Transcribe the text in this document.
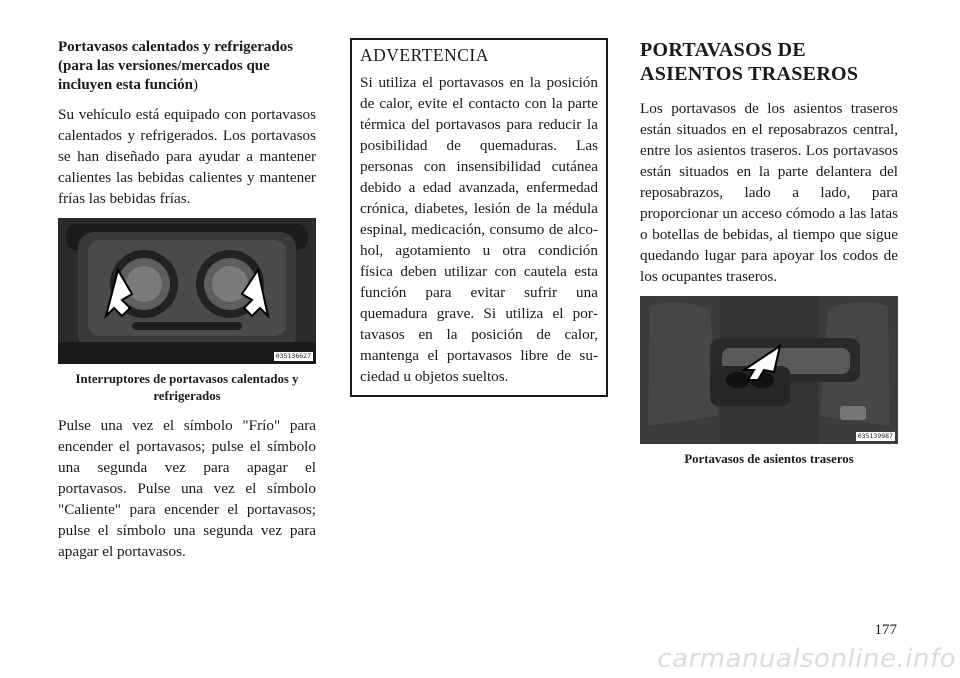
Portavasos calentados y refrigerados (para las versiones/mercados que incluyen esta función)

Su vehículo está equipado con portavasos calentados y refrigerados. Los portavasos se han diseñado para ayudar a mantener calientes las bebidas calientes y mantener frías las bebidas frías.

035136627
Interruptores de portavasos calentados y refrigerados

Pulse una vez el símbolo "Frío" para encender el portavasos; pulse el símbolo una segunda vez para apagar el portavasos. Pulse una vez el símbolo "Caliente" para encender el portavasos; pulse el símbolo una segunda vez para apagar el portavasos.

ADVERTENCIA

Si utiliza el portavasos en la posición de calor, evite el contacto con la parte térmica del portavasos para reducir la posibilidad de quemaduras. Las personas con insensibilidad cutánea debido a edad avanzada, enfermedad crónica, diabetes, lesión de la médula espinal, medicación, consumo de alcohol, agotamiento u otra condición física deben utilizar con cautela esta función para evitar sufrir una quemadura grave. Si utiliza el portavasos en la posición de calor, mantenga el portavasos libre de suciedad u objetos sueltos.

PORTAVASOS DE ASIENTOS TRASEROS

Los portavasos de los asientos traseros están situados en el reposabrazos central, entre los asientos traseros. Los portavasos están situados en la parte delantera del reposabrazos, lado a lado, para proporcionar un acceso cómodo a las latas o botellas de bebidas, al tiempo que sigue quedando lugar para apoyar los codos de los ocupantes traseros.

035139987
Portavasos de asientos traseros
177
carmanualsonline.info
